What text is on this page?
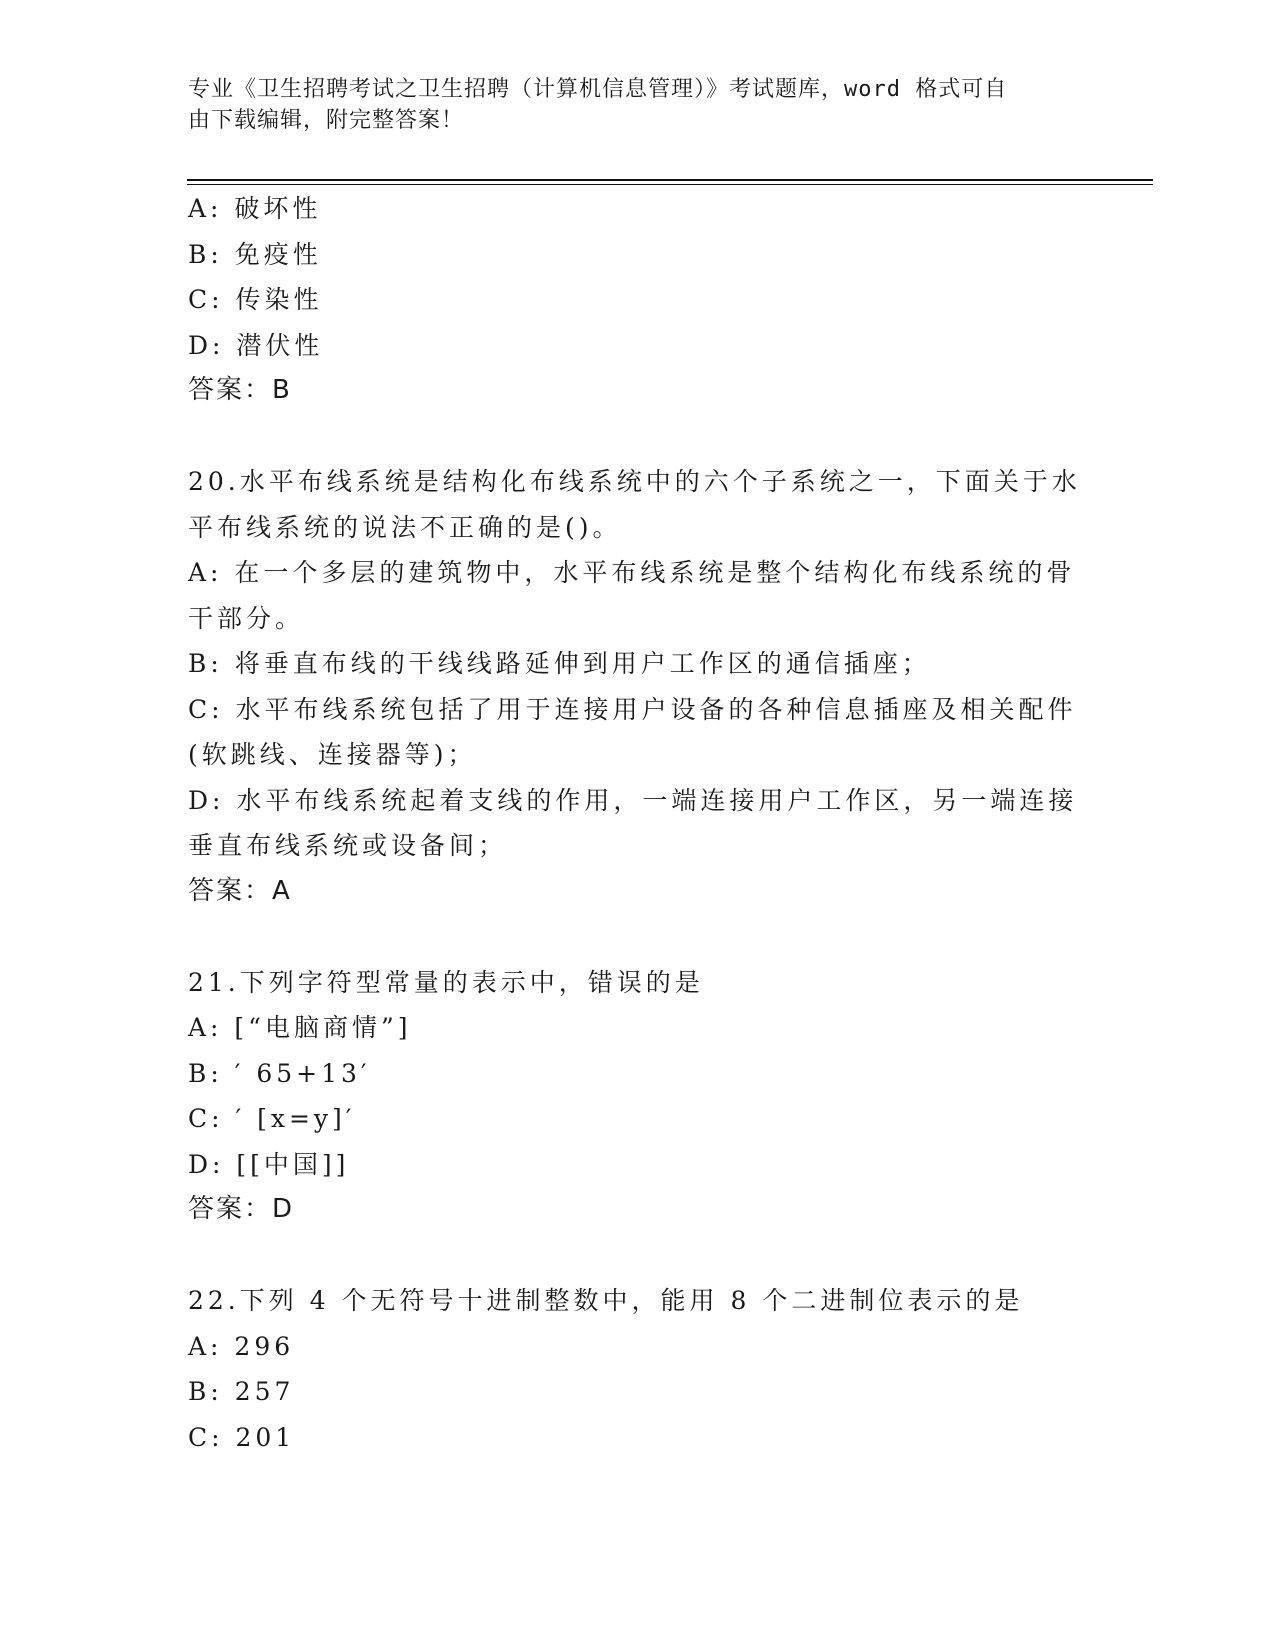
专业《卫生招聘考试之卫生招聘（计算机信息管理）》考试题库，word 格式可自
由下载编辑，附完整答案！
A: 破坏性
B: 免疫性
C: 传染性
D: 潜伏性
答案：B
20.水平布线系统是结构化布线系统中的六个子系统之一，下面关于水
平布线系统的说法不正确的是()。
A: 在一个多层的建筑物中，水平布线系统是整个结构化布线系统的骨
干部分。
B: 将垂直布线的干线线路延伸到用户工作区的通信插座；
C: 水平布线系统包括了用于连接用户设备的各种信息插座及相关配件
(软跳线、连接器等)；
D: 水平布线系统起着支线的作用，一端连接用户工作区，另一端连接
垂直布线系统或设备间；
答案：A
21.下列字符型常量的表示中，错误的是
A: [“电脑商情”]
B: ′ 65+13′
C: ′ [x=y]′
D: [[中国]]
答案：D
22.下列 4 个无符号十进制整数中，能用 8 个二进制位表示的是
A: 296
B: 257
C: 201
